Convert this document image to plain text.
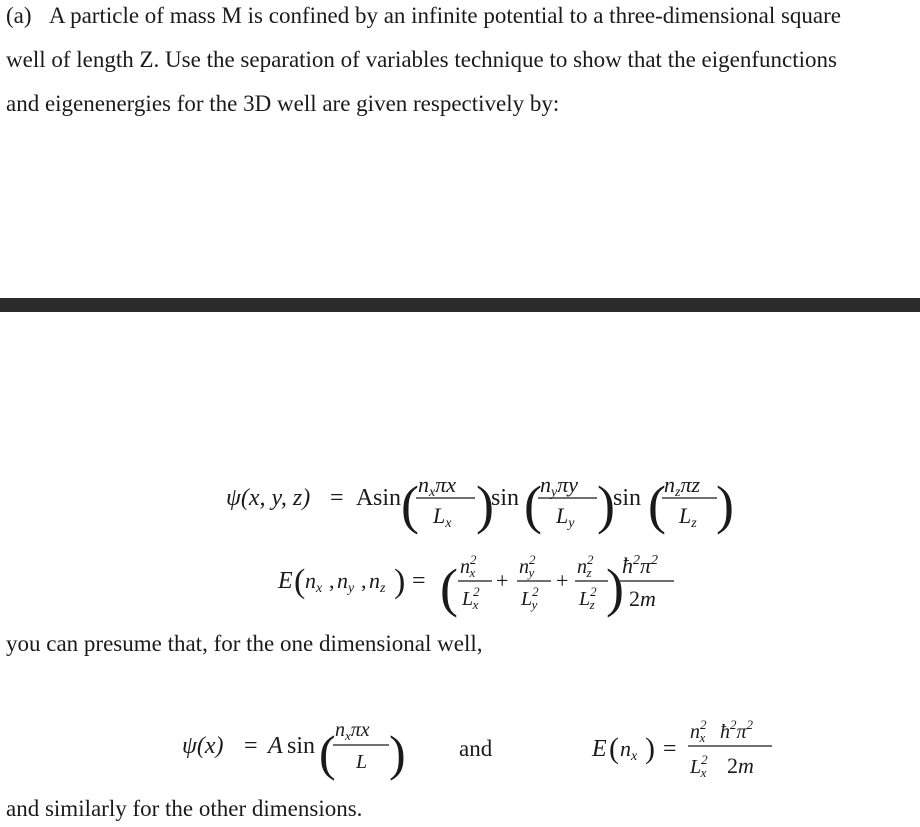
(a) A particle of mass M is confined by an infinite potential to a three-dimensional square
well of length Z. Use the separation of variables technique to show that the eigenfunctions
and eigenenergies for the 3D well are given respectively by:
ψ(x, y, z) = A sin ( nxπx
Lx )
sin (
nyπy
Ly )
sin (
nzπz
Lz )
E ( nx , ny , nz ) = ( $n^2$ x
$L^2$ x
+
$n^2$ y
$L^2$ y
+
$n^2$ z
$L^2$ z )
$ħ^2\pi^2$
2m
ψ(x) = A sin ( $n_x\pi x$
L )	E ( nx ) =
$n^2$ x $ħ^2\pi^2$
$L^2$ x 2m
you can presume that, for the one dimensional well,
and
and similarly for the other dimensions.
